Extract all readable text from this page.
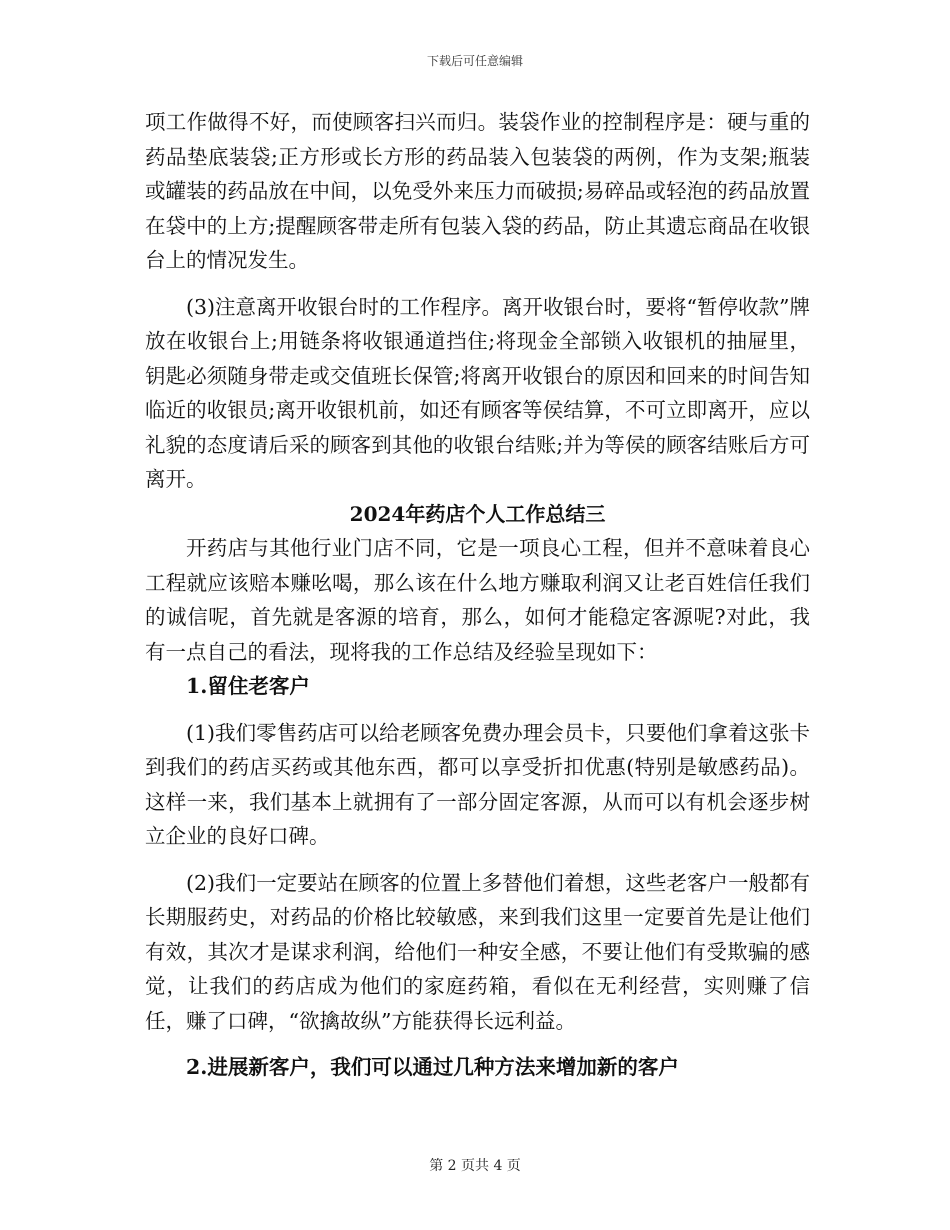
下载后可任意编辑

项工作做得不好，而使顾客扫兴而归。装袋作业的控制程序是：硬与重的药品垫底装袋;正方形或长方形的药品装入包装袋的两例，作为支架;瓶装或罐装的药品放在中间，以免受外来压力而破损;易碎品或轻泡的药品放置在袋中的上方;提醒顾客带走所有包装入袋的药品，防止其遗忘商品在收银台上的情况发生。

(3)注意离开收银台时的工作程序。离开收银台时，要将“暂停收款”牌放在收银台上;用链条将收银通道挡住;将现金全部锁入收银机的抽屉里，钥匙必须随身带走或交值班长保管;将离开收银台的原因和回来的时间告知临近的收银员;离开收银机前，如还有顾客等侯结算，不可立即离开，应以礼貌的态度请后采的顾客到其他的收银台结账;并为等侯的顾客结账后方可离开。

2024年药店个人工作总结三

开药店与其他行业门店不同，它是一项良心工程，但并不意味着良心工程就应该赔本赚吆喝，那么该在什么地方赚取利润又让老百姓信任我们的诚信呢，首先就是客源的培育，那么，如何才能稳定客源呢?对此，我有一点自己的看法，现将我的工作总结及经验呈现如下：

1.留住老客户

(1)我们零售药店可以给老顾客免费办理会员卡，只要他们拿着这张卡到我们的药店买药或其他东西，都可以享受折扣优惠(特别是敏感药品)。这样一来，我们基本上就拥有了一部分固定客源，从而可以有机会逐步树立企业的良好口碑。

(2)我们一定要站在顾客的位置上多替他们着想，这些老客户一般都有长期服药史，对药品的价格比较敏感，来到我们这里一定要首先是让他们有效，其次才是谋求利润，给他们一种安全感，不要让他们有受欺骗的感觉，让我们的药店成为他们的家庭药箱，看似在无利经营，实则赚了信任，赚了口碑，“欲擒故纵”方能获得长远利益。

2.进展新客户，我们可以通过几种方法来增加新的客户

第 2 页共 4 页
